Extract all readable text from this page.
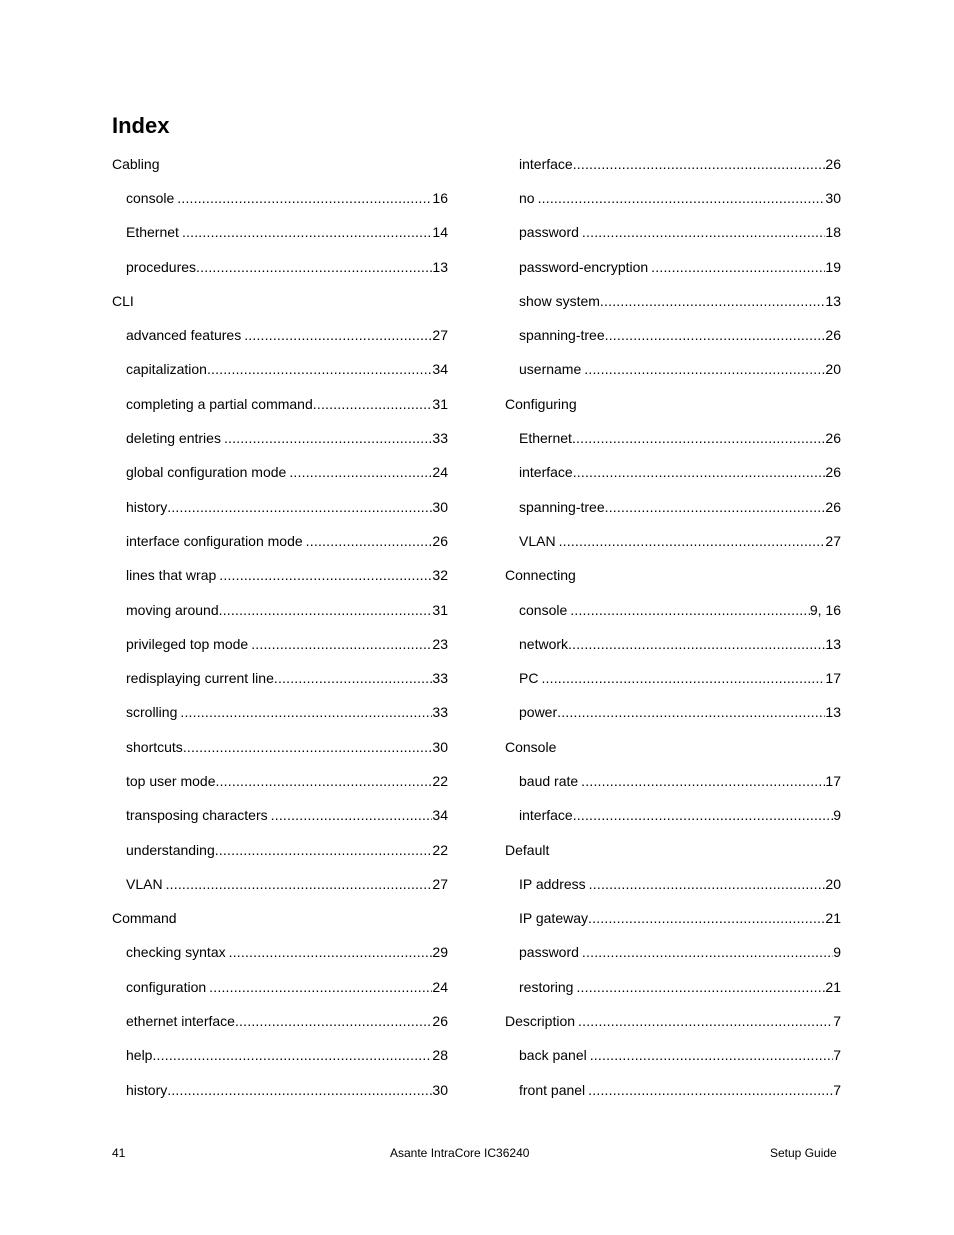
Index
Cabling
console .....	16
Ethernet .....	14
procedures .....	13
CLI
advanced features .....	27
capitalization .....	34
completing a partial command .....	31
deleting entries .....	33
global configuration mode .....	24
history .....	30
interface configuration mode .....	26
lines that wrap .....	32
moving around .....	31
privileged top mode .....	23
redisplaying current line .....	33
scrolling .....	33
shortcuts .....	30
top user mode .....	22
transposing characters .....	34
understanding .....	22
VLAN .....	27
Command
checking syntax .....	29
configuration .....	24
ethernet interface .....	26
help .....	28
history .....	30
interface .....	26
no .....	30
password .....	18
password-encryption .....	19
show system .....	13
spanning-tree .....	26
username .....	20
Configuring
Ethernet .....	26
interface .....	26
spanning-tree .....	26
VLAN .....	27
Connecting
console .....	9, 16
network .....	13
PC .....	17
power .....	13
Console
baud rate .....	17
interface .....	9
Default
IP address .....	20
IP gateway .....	21
password .....	9
restoring .....	21
Description .....	7
back panel .....	7
front panel .....	7
41	Asante IntraCore IC36240	Setup Guide
